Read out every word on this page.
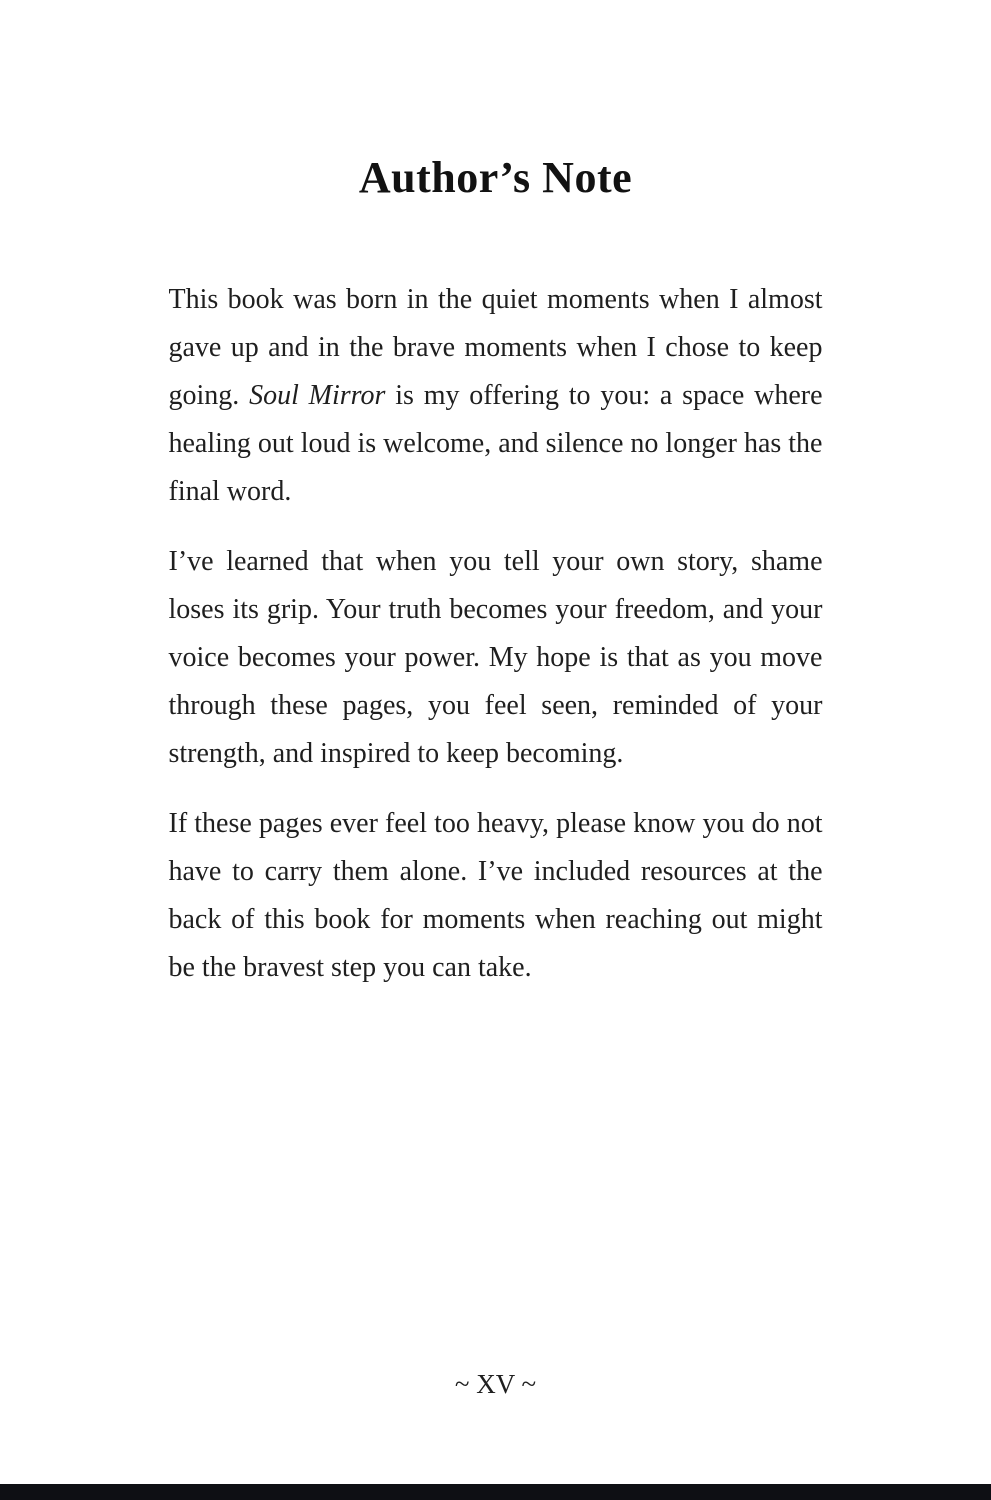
Author’s Note

This book was born in the quiet moments when I almost gave up and in the brave moments when I chose to keep going. Soul Mirror is my offering to you: a space where healing out loud is welcome, and silence no longer has the final word.

I’ve learned that when you tell your own story, shame loses its grip. Your truth becomes your freedom, and your voice becomes your power. My hope is that as you move through these pages, you feel seen, reminded of your strength, and inspired to keep becoming.

If these pages ever feel too heavy, please know you do not have to carry them alone. I’ve included resources at the back of this book for moments when reaching out might be the bravest step you can take.

~ XV ~
